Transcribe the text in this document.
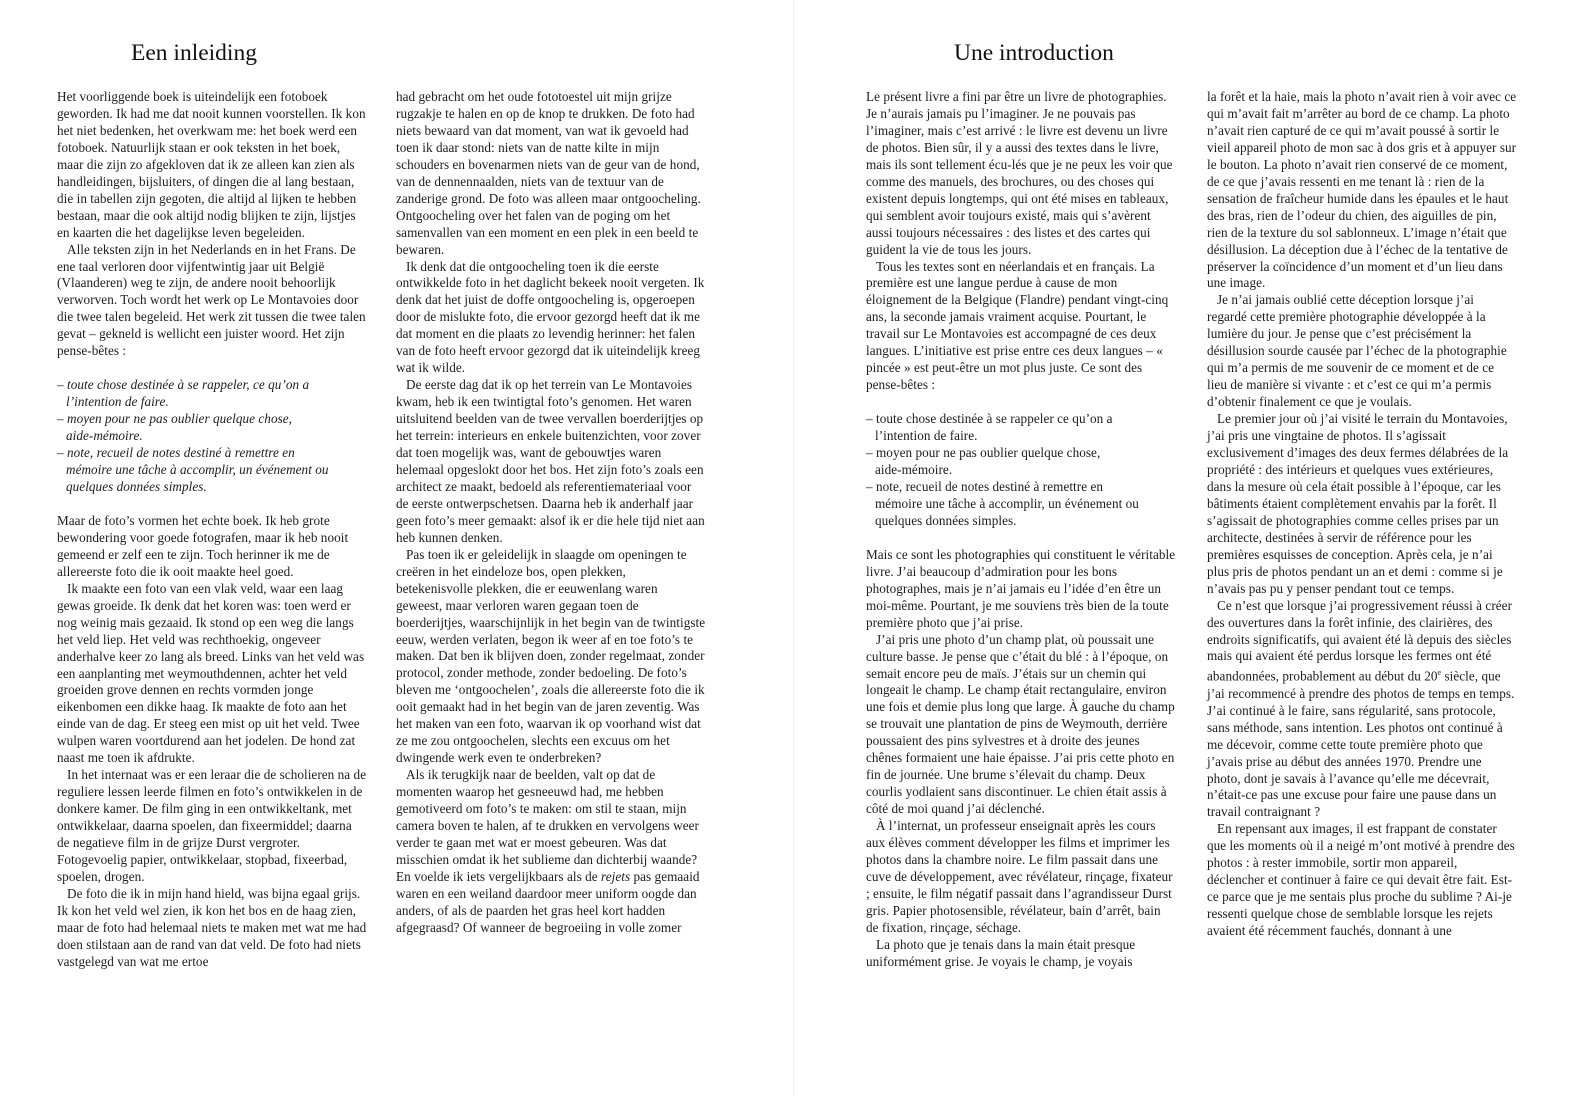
Een inleiding

Het voorliggende boek is uiteindelijk een fotoboek geworden. Ik had me dat nooit kunnen voorstellen. Ik kon het niet bedenken, het overkwam me: het boek werd een fotoboek. Natuurlijk staan er ook teksten in het boek, maar die zijn zo afgekloven dat ik ze alleen kan zien als handleidingen, bijsluiters, of dingen die al lang bestaan, die in tabellen zijn gegoten, die altijd al lijken te hebben bestaan, maar die ook altijd nodig blijken te zijn, lijstjes en kaarten die het dagelijkse leven begeleiden.

Alle teksten zijn in het Nederlands en in het Frans. De ene taal verloren door vijfentwintig jaar uit België (Vlaanderen) weg te zijn, de andere nooit behoorlijk verworven. Toch wordt het werk op Le Montavoies door die twee talen begeleid. Het werk zit tussen die twee talen gevat – gekneld is wellicht een juister woord. Het zijn pense-bêtes :

– toute chose destinée à se rappeler, ce qu’on a
l’intention de faire.
– moyen pour ne pas oublier quelque chose,
aide-mémoire.
– note, recueil de notes destiné à remettre en
mémoire une tâche à accomplir, un événement ou quelques données simples.

Maar de foto’s vormen het echte boek. Ik heb grote bewondering voor goede fotografen, maar ik heb nooit gemeend er zelf een te zijn. Toch herinner ik me de allereerste foto die ik ooit maakte heel goed.

Ik maakte een foto van een vlak veld, waar een laag gewas groeide. Ik denk dat het koren was: toen werd er nog weinig mais gezaaid. Ik stond op een weg die langs het veld liep. Het veld was rechthoekig, ongeveer anderhalve keer zo lang als breed. Links van het veld was een aanplanting met weymouthdennen, achter het veld groeiden grove dennen en rechts vormden jonge eikenbomen een dikke haag. Ik maakte de foto aan het einde van de dag. Er steeg een mist op uit het veld. Twee wulpen waren voortdurend aan het jodelen. De hond zat naast me toen ik afdrukte.

In het internaat was er een leraar die de scholieren na de reguliere lessen leerde filmen en foto’s ontwikkelen in de donkere kamer. De film ging in een ontwikkeltank, met ontwikkelaar, daarna spoelen, dan fixeermiddel; daarna de negatieve film in de grijze Durst vergroter. Fotogevoelig papier, ontwikkelaar, stopbad, fixeerbad, spoelen, drogen.

De foto die ik in mijn hand hield, was bijna egaal grijs. Ik kon het veld wel zien, ik kon het bos en de haag zien, maar de foto had helemaal niets te maken met wat me had doen stilstaan aan de rand van dat veld. De foto had niets vastgelegd van wat me ertoe

had gebracht om het oude fototoestel uit mijn grijze rugzakje te halen en op de knop te drukken. De foto had niets bewaard van dat moment, van wat ik gevoeld had toen ik daar stond: niets van de natte kilte in mijn schouders en bovenarmen niets van de geur van de hond, van de dennennaalden, niets van de textuur van de zanderige grond. De foto was alleen maar ontgoocheling. Ontgoocheling over het falen van de poging om het samenvallen van een moment en een plek in een beeld te bewaren.

Ik denk dat die ontgoocheling toen ik die eerste ontwikkelde foto in het daglicht bekeek nooit vergeten. Ik denk dat het juist de doffe ontgoocheling is, opgeroepen door de mislukte foto, die ervoor gezorgd heeft dat ik me dat moment en die plaats zo levendig herinner: het falen van de foto heeft ervoor gezorgd dat ik uiteindelijk kreeg wat ik wilde.

De eerste dag dat ik op het terrein van Le Montavoies kwam, heb ik een twintigtal foto’s genomen. Het waren uitsluitend beelden van de twee vervallen boerderijtjes op het terrein: interieurs en enkele buitenzichten, voor zover dat toen mogelijk was, want de gebouwtjes waren helemaal opgeslokt door het bos. Het zijn foto’s zoals een architect ze maakt, bedoeld als referentiemateriaal voor de eerste ontwerpschetsen. Daarna heb ik anderhalf jaar geen foto’s meer gemaakt: alsof ik er die hele tijd niet aan heb kunnen denken.

Pas toen ik er geleidelijk in slaagde om openingen te creëren in het eindeloze bos, open plekken, betekenisvolle plekken, die er eeuwenlang waren geweest, maar verloren waren gegaan toen de boerderijtjes, waarschijnlijk in het begin van de twintigste eeuw, werden verlaten, begon ik weer af en toe foto’s te maken. Dat ben ik blijven doen, zonder regelmaat, zonder protocol, zonder methode, zonder bedoeling. De foto’s bleven me ‘ontgoochelen’, zoals die allereerste foto die ik ooit gemaakt had in het begin van de jaren zeventig. Was het maken van een foto, waarvan ik op voorhand wist dat ze me zou ontgoochelen, slechts een excuus om het dwingende werk even te onderbreken?

Als ik terugkijk naar de beelden, valt op dat de momenten waarop het gesneeuwd had, me hebben gemotiveerd om foto’s te maken: om stil te staan, mijn camera boven te halen, af te drukken en vervolgens weer verder te gaan met wat er moest gebeuren. Was dat misschien omdat ik het sublieme dan dichterbij waande? En voelde ik iets vergelijkbaars als de rejets pas gemaaid waren en een weiland daardoor meer uniform oogde dan anders, of als de paarden het gras heel kort hadden afgegraasd? Of wanneer de begroeiing in volle zomer

Une introduction

Le présent livre a fini par être un livre de photographies. Je n’aurais jamais pu l’imaginer. Je ne pouvais pas l’imaginer, mais c’est arrivé : le livre est devenu un livre de photos. Bien sûr, il y a aussi des textes dans le livre, mais ils sont tellement écu-lés que je ne peux les voir que comme des manuels, des brochures, ou des choses qui existent depuis longtemps, qui ont été mises en tableaux, qui semblent avoir toujours existé, mais qui s’avèrent aussi toujours nécessaires : des listes et des cartes qui guident la vie de tous les jours.

Tous les textes sont en néerlandais et en français. La première est une langue perdue à cause de mon éloignement de la Belgique (Flandre) pendant vingt-cinq ans, la seconde jamais vraiment acquise. Pourtant, le travail sur Le Montavoies est accompagné de ces deux langues. L’initiative est prise entre ces deux langues – « pincée » est peut-être un mot plus juste. Ce sont des pense-bêtes :

– toute chose destinée à se rappeler ce qu’on a
l’intention de faire.
– moyen pour ne pas oublier quelque chose,
aide-mémoire.
– note, recueil de notes destiné à remettre en
mémoire une tâche à accomplir, un événement ou quelques données simples.

Mais ce sont les photographies qui constituent le véritable livre. J’ai beaucoup d’admiration pour les bons photographes, mais je n’ai jamais eu l’idée d’en être un moi-même. Pourtant, je me souviens très bien de la toute première photo que j’ai prise.

J’ai pris une photo d’un champ plat, où poussait une culture basse. Je pense que c’était du blé : à l’époque, on semait encore peu de maïs. J’étais sur un chemin qui longeait le champ. Le champ était rectangulaire, environ une fois et demie plus long que large. À gauche du champ se trouvait une plantation de pins de Weymouth, derrière poussaient des pins sylvestres et à droite des jeunes chênes formaient une haie épaisse. J’ai pris cette photo en fin de journée. Une brume s’élevait du champ. Deux courlis yodlaient sans discontinuer. Le chien était assis à côté de moi quand j’ai déclenché.

À l’internat, un professeur enseignait après les cours aux élèves comment développer les films et imprimer les photos dans la chambre noire. Le film passait dans une cuve de développement, avec révélateur, rinçage, fixateur ; ensuite, le film négatif passait dans l’agrandisseur Durst gris. Papier photosensible, révélateur, bain d’arrêt, bain de fixation, rinçage, séchage.

La photo que je tenais dans la main était presque uniformément grise. Je voyais le champ, je voyais

la forêt et la haie, mais la photo n’avait rien à voir avec ce qui m’avait fait m’arrêter au bord de ce champ. La photo n’avait rien capturé de ce qui m’avait poussé à sortir le vieil appareil photo de mon sac à dos gris et à appuyer sur le bouton. La photo n’avait rien conservé de ce moment, de ce que j’avais ressenti en me tenant là : rien de la sensation de fraîcheur humide dans les épaules et le haut des bras, rien de l’odeur du chien, des aiguilles de pin, rien de la texture du sol sablonneux. L’image n’était que désillusion. La déception due à l’échec de la tentative de préserver la coïncidence d’un moment et d’un lieu dans une image.

Je n’ai jamais oublié cette déception lorsque j’ai regardé cette première photographie développée à la lumière du jour. Je pense que c’est précisément la désillusion sourde causée par l’échec de la photographie qui m’a permis de me souvenir de ce moment et de ce lieu de manière si vivante : et c’est ce qui m’a permis d’obtenir finalement ce que je voulais.

Le premier jour où j’ai visité le terrain du Montavoies, j’ai pris une vingtaine de photos. Il s’agissait exclusivement d’images des deux fermes délabrées de la propriété : des intérieurs et quelques vues extérieures, dans la mesure où cela était possible à l’époque, car les bâtiments étaient complètement envahis par la forêt. Il s’agissait de photographies comme celles prises par un architecte, destinées à servir de référence pour les premières esquisses de conception. Après cela, je n’ai plus pris de photos pendant un an et demi : comme si je n’avais pas pu y penser pendant tout ce temps.

Ce n’est que lorsque j’ai progressivement réussi à créer des ouvertures dans la forêt infinie, des clairières, des endroits significatifs, qui avaient été là depuis des siècles mais qui avaient été perdus lorsque les fermes ont été abandonnées, probablement au début du 20e siècle, que j’ai recommencé à prendre des photos de temps en temps. J’ai continué à le faire, sans régularité, sans protocole, sans méthode, sans intention. Les photos ont continué à me décevoir, comme cette toute première photo que j’avais prise au début des années 1970. Prendre une photo, dont je savais à l’avance qu’elle me décevrait, n’était-ce pas une excuse pour faire une pause dans un travail contraignant ?

En repensant aux images, il est frappant de constater que les moments où il a neigé m’ont motivé à prendre des photos : à rester immobile, sortir mon appareil, déclencher et continuer à faire ce qui devait être fait. Est-ce parce que je me sentais plus proche du sublime ? Ai-je ressenti quelque chose de semblable lorsque les rejets avaient été récemment fauchés, donnant à une
